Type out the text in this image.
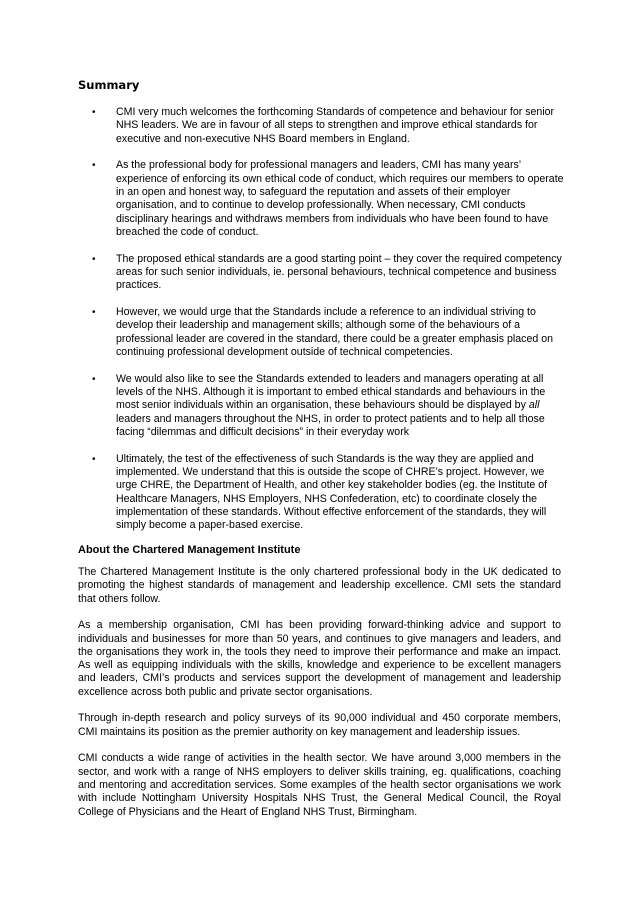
Summary
• CMI very much welcomes the forthcoming Standards of competence and behaviour for senior NHS leaders. We are in favour of all steps to strengthen and improve ethical standards for executive and non-executive NHS Board members in England.
• As the professional body for professional managers and leaders, CMI has many years’ experience of enforcing its own ethical code of conduct, which requires our members to operate in an open and honest way, to safeguard the reputation and assets of their employer organisation, and to continue to develop professionally. When necessary, CMI conducts disciplinary hearings and withdraws members from individuals who have been found to have breached the code of conduct.
• The proposed ethical standards are a good starting point – they cover the required competency areas for such senior individuals, ie. personal behaviours, technical competence and business practices.
• However, we would urge that the Standards include a reference to an individual striving to develop their leadership and management skills; although some of the behaviours of a professional leader are covered in the standard, there could be a greater emphasis placed on continuing professional development outside of technical competencies.
• We would also like to see the Standards extended to leaders and managers operating at all levels of the NHS. Although it is important to embed ethical standards and behaviours in the most senior individuals within an organisation, these behaviours should be displayed by all leaders and managers throughout the NHS, in order to protect patients and to help all those facing “dilemmas and difficult decisions” in their everyday work
• Ultimately, the test of the effectiveness of such Standards is the way they are applied and implemented. We understand that this is outside the scope of CHRE’s project. However, we urge CHRE, the Department of Health, and other key stakeholder bodies (eg. the Institute of Healthcare Managers, NHS Employers, NHS Confederation, etc) to coordinate closely the implementation of these standards. Without effective enforcement of the standards, they will simply become a paper-based exercise.
About the Chartered Management Institute

The Chartered Management Institute is the only chartered professional body in the UK dedicated to promoting the highest standards of management and leadership excellence. CMI sets the standard that others follow.

As a membership organisation, CMI has been providing forward-thinking advice and support to individuals and businesses for more than 50 years, and continues to give managers and leaders, and the organisations they work in, the tools they need to improve their performance and make an impact. As well as equipping individuals with the skills, knowledge and experience to be excellent managers and leaders, CMI’s products and services support the development of management and leadership excellence across both public and private sector organisations.

Through in-depth research and policy surveys of its 90,000 individual and 450 corporate members, CMI maintains its position as the premier authority on key management and leadership issues.

CMI conducts a wide range of activities in the health sector. We have around 3,000 members in the sector, and work with a range of NHS employers to deliver skills training, eg. qualifications, coaching and mentoring and accreditation services. Some examples of the health sector organisations we work with include Nottingham University Hospitals NHS Trust, the General Medical Council, the Royal College of Physicians and the Heart of England NHS Trust, Birmingham.
